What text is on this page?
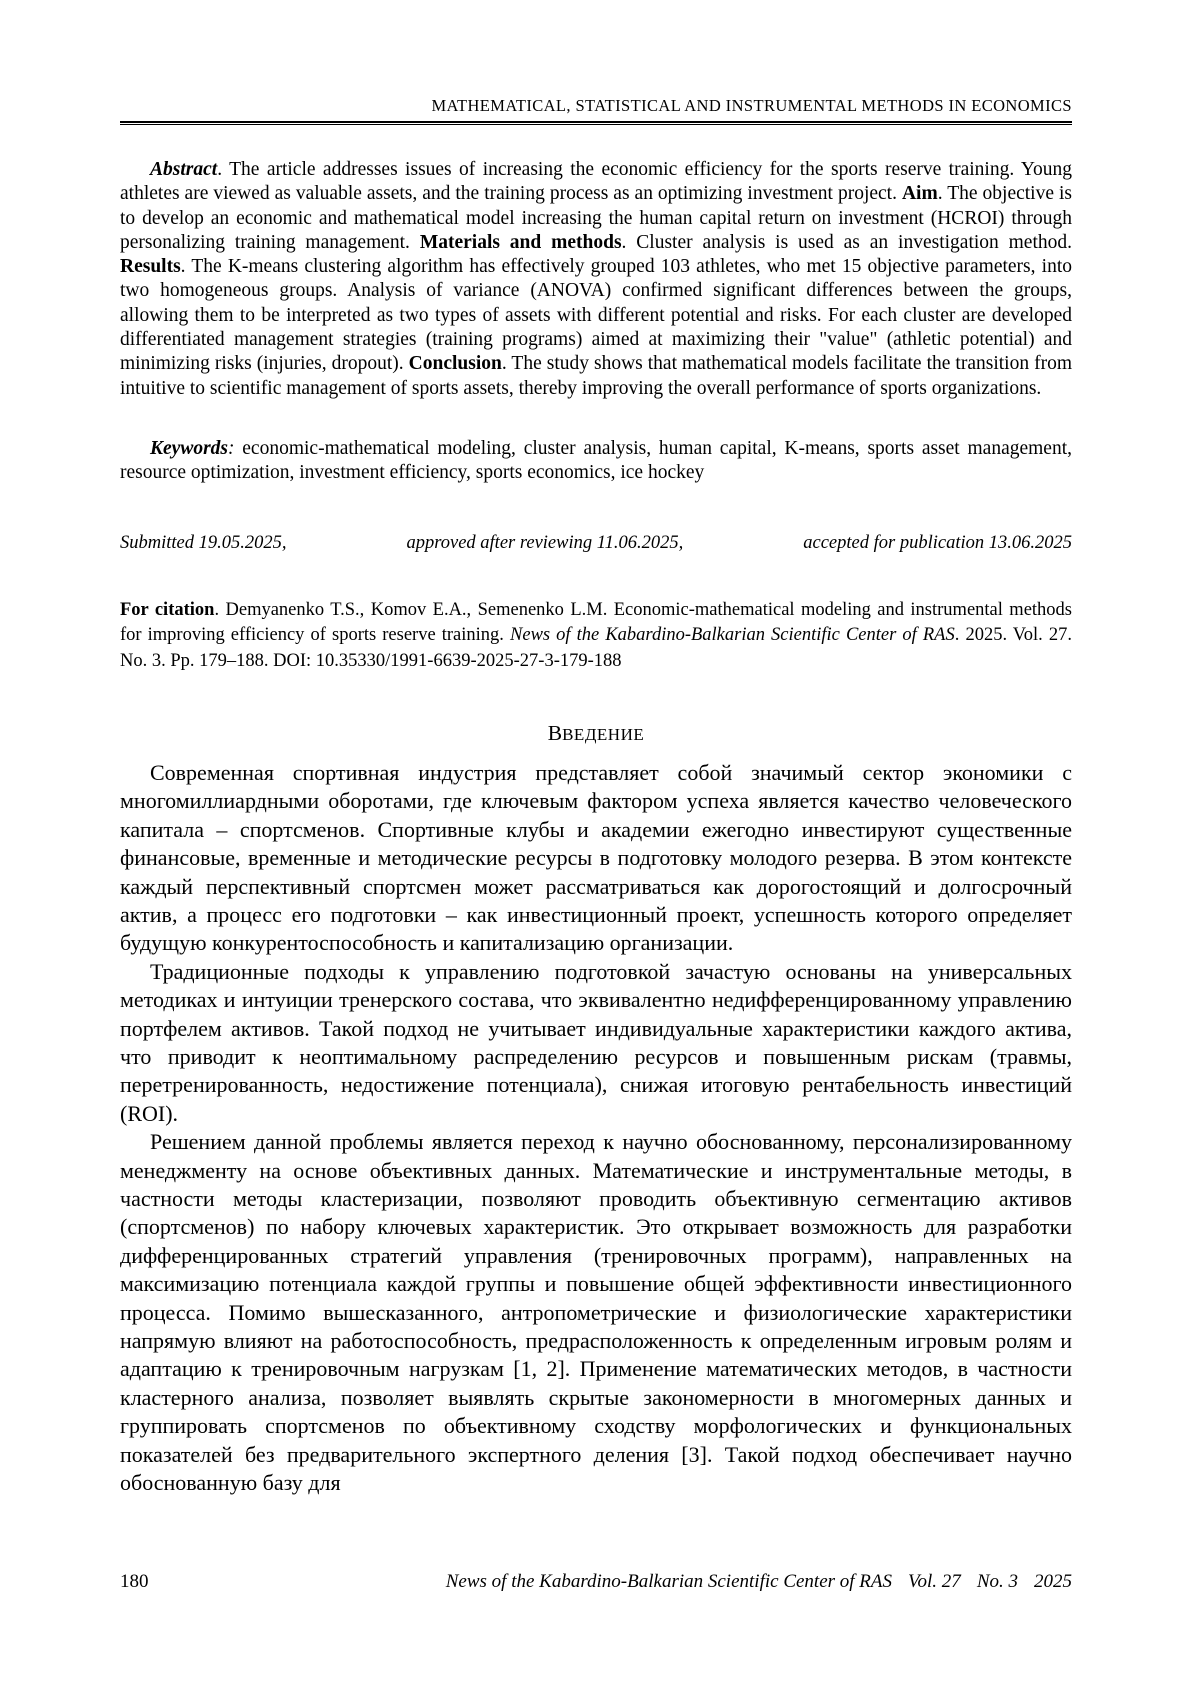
MATHEMATICAL, STATISTICAL AND INSTRUMENTAL METHODS IN ECONOMICS

Abstract. The article addresses issues of increasing the economic efficiency for the sports reserve training. Young athletes are viewed as valuable assets, and the training process as an optimizing investment project. Aim. The objective is to develop an economic and mathematical model increasing the human capital return on investment (HCROI) through personalizing training management. Materials and methods. Cluster analysis is used as an investigation method. Results. The K-means clustering algorithm has effectively grouped 103 athletes, who met 15 objective parameters, into two homogeneous groups. Analysis of variance (ANOVA) confirmed significant differences between the groups, allowing them to be interpreted as two types of assets with different potential and risks. For each cluster are developed differentiated management strategies (training programs) aimed at maximizing their "value" (athletic potential) and minimizing risks (injuries, dropout). Conclusion. The study shows that mathematical models facilitate the transition from intuitive to scientific management of sports assets, thereby improving the overall performance of sports organizations.

Keywords: economic-mathematical modeling, cluster analysis, human capital, K-means, sports asset management, resource optimization, investment efficiency, sports economics, ice hockey

Submitted 19.05.2025,	approved after reviewing 11.06.2025,	accepted for publication 13.06.2025

For citation. Demyanenko T.S., Komov E.A., Semenenko L.M. Economic-mathematical modeling and instrumental methods for improving efficiency of sports reserve training. News of the Kabardino-Balkarian Scientific Center of RAS. 2025. Vol. 27. No. 3. Pp. 179–188. DOI: 10.35330/1991-6639-2025-27-3-179-188

ВВЕДЕНИЕ

Современная спортивная индустрия представляет собой значимый сектор экономики с многомиллиардными оборотами, где ключевым фактором успеха является качество человеческого капитала – спортсменов. Спортивные клубы и академии ежегодно инвестируют существенные финансовые, временные и методические ресурсы в подготовку молодого резерва. В этом контексте каждый перспективный спортсмен может рассматриваться как дорогостоящий и долгосрочный актив, а процесс его подготовки – как инвестиционный проект, успешность которого определяет будущую конкурентоспособность и капитализацию организации.

Традиционные подходы к управлению подготовкой зачастую основаны на универсальных методиках и интуиции тренерского состава, что эквивалентно недифференцированному управлению портфелем активов. Такой подход не учитывает индивидуальные характеристики каждого актива, что приводит к неоптимальному распределению ресурсов и повышенным рискам (травмы, перетренированность, недостижение потенциала), снижая итоговую рентабельность инвестиций (ROI).

Решением данной проблемы является переход к научно обоснованному, персонализированному менеджменту на основе объективных данных. Математические и инструментальные методы, в частности методы кластеризации, позволяют проводить объективную сегментацию активов (спортсменов) по набору ключевых характеристик. Это открывает возможность для разработки дифференцированных стратегий управления (тренировочных программ), направленных на максимизацию потенциала каждой группы и повышение общей эффективности инвестиционного процесса. Помимо вышесказанного, антропометрические и физиологические характеристики напрямую влияют на работоспособность, предрасположенность к определенным игровым ролям и адаптацию к тренировочным нагрузкам [1, 2]. Применение математических методов, в частности кластерного анализа, позволяет выявлять скрытые закономерности в многомерных данных и группировать спортсменов по объективному сходству морфологических и функциональных показателей без предварительного экспертного деления [3]. Такой подход обеспечивает научно обоснованную базу для

180	News of the Kabardino-Balkarian Scientific Center of RAS Vol. 27 No. 3 2025
